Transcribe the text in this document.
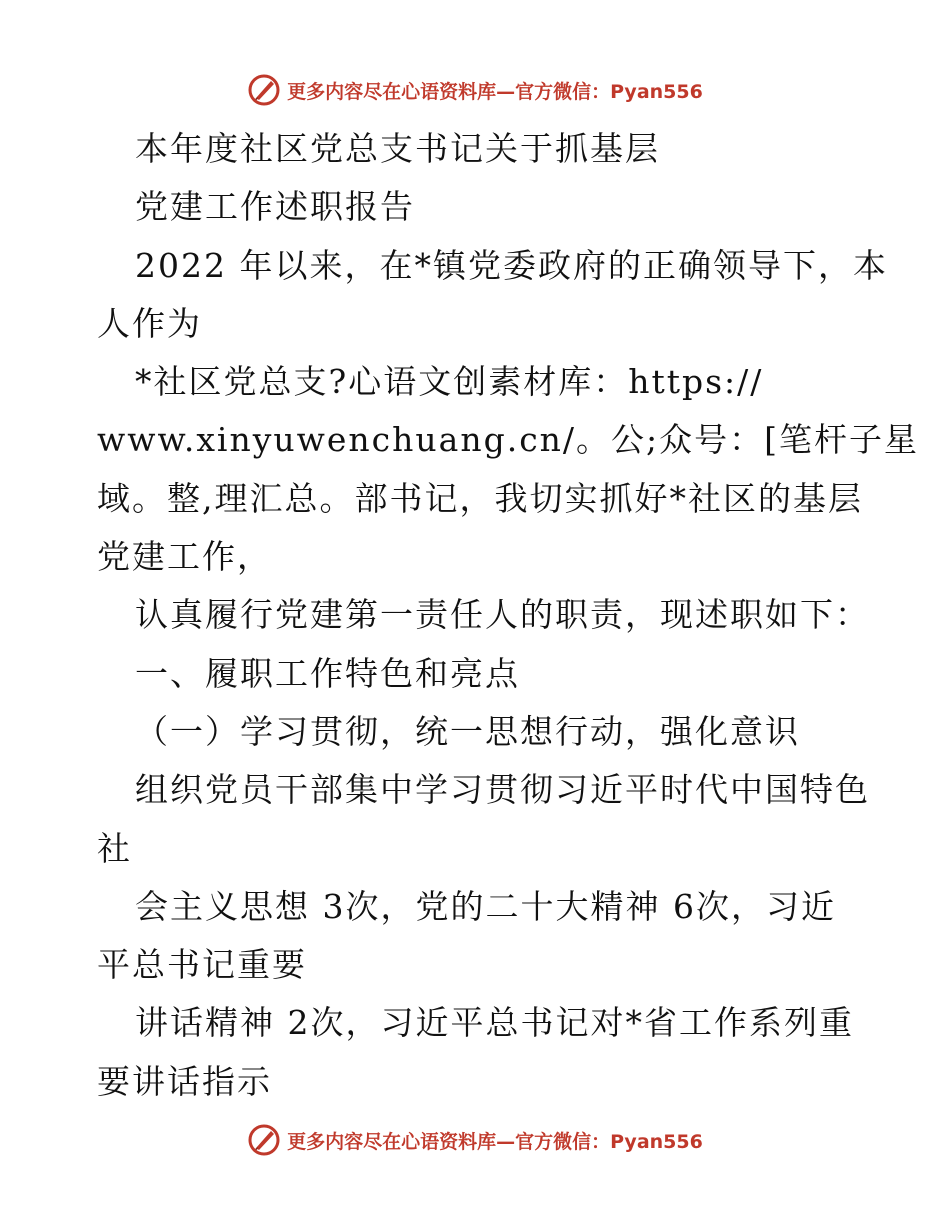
更多内容尽在心语资料库—官方微信：Pyan556
本年度社区党总支书记关于抓基层
党建工作述职报告
2022 年以来，在*镇党委政府的正确领导下，本
人作为
*社区党总支?心语文创素材库：https://
www.xinyuwenchuang.cn/。公;众号：[笔杆子星
域。整,理汇总。部书记，我切实抓好*社区的基层
党建工作，
认真履行党建第一责任人的职责，现述职如下：
一、履职工作特色和亮点
（一）学习贯彻，统一思想行动，强化意识
组织党员干部集中学习贯彻习近平时代中国特色
社
会主义思想 3次，党的二十大精神 6次，习近
平总书记重要
讲话精神 2次，习近平总书记对*省工作系列重
要讲话指示
更多内容尽在心语资料库—官方微信：Pyan556
